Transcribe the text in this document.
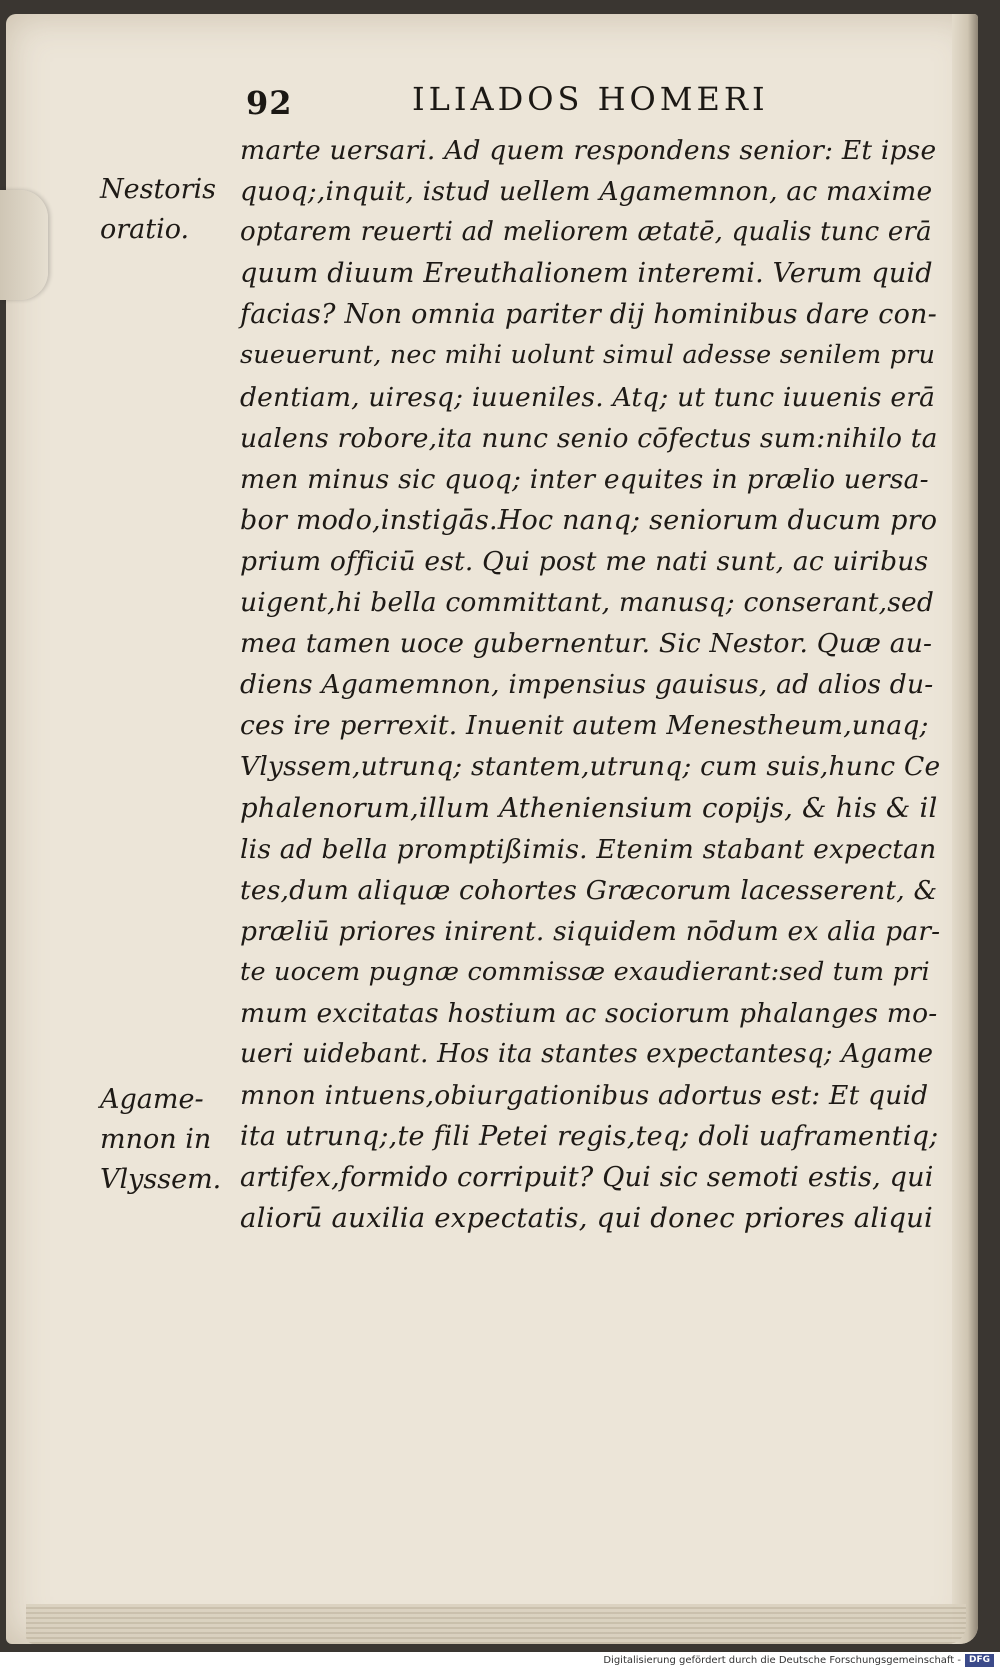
92	ILIADOS HOMERI
Nestoris
oratio.
Agame-
mnon in
Vlyssem.
marte uersari. Ad quem respondens senior: Et ipse
quoq;,inquit, istud uellem Agamemnon, ac maxime
optarem reuerti ad meliorem ætatē, qualis tunc erā
quum diuum Ereuthalionem interemi. Verum quid
facias? Non omnia pariter dij hominibus dare con-
sueuerunt, nec mihi uolunt simul adesse senilem pru
dentiam, uiresq; iuueniles. Atq; ut tunc iuuenis erā
ualens robore,ita nunc senio cōfectus sum:nihilo ta
men minus sic quoq; inter equites in prælio uersa-
bor modo,instigās.Hoc nanq; seniorum ducum pro
prium officiū est. Qui post me nati sunt, ac uiribus
uigent,hi bella committant, manusq; conserant,sed
mea tamen uoce gubernentur. Sic Nestor. Quæ au-
diens Agamemnon, impensius gauisus, ad alios du-
ces ire perrexit. Inuenit autem Menestheum,unaq;
Vlyssem,utrunq; stantem,utrunq; cum suis,hunc Ce
phalenorum,illum Atheniensium copijs, & his & il
lis ad bella promptißimis. Etenim stabant expectan
tes,dum aliquæ cohortes Græcorum lacesserent, &
præliū priores inirent. siquidem nōdum ex alia par-
te uocem pugnæ commissæ exaudierant:sed tum pri
mum excitatas hostium ac sociorum phalanges mo-
ueri uidebant. Hos ita stantes expectantesq; Agame
mnon intuens,obiurgationibus adortus est: Et quid
ita utrunq;,te fili Petei regis,teq; doli uaframentiq;
artifex,formido corripuit? Qui sic semoti estis, qui
aliorū auxilia expectatis, qui donec priores aliqui
Digitalisierung gefördert durch die Deutsche Forschungsgemeinschaft - DFG
